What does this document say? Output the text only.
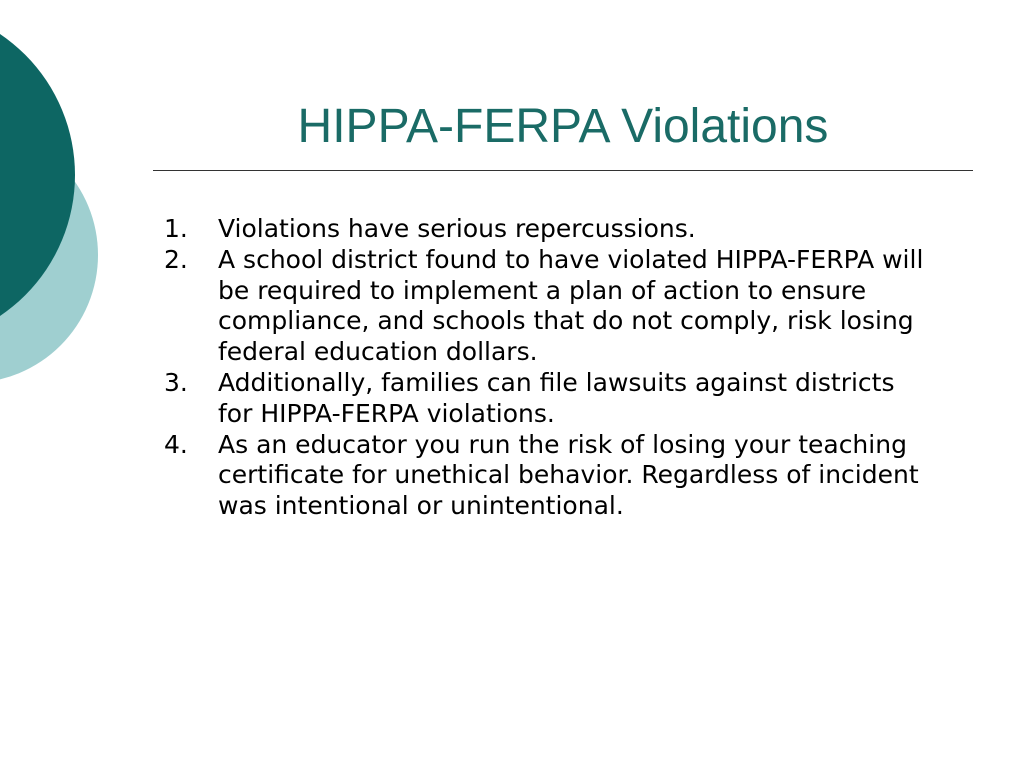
HIPPA-FERPA Violations
1. Violations have serious repercussions.
2. A school district found to have violated HIPPA-FERPA will be required to implement a plan of action to ensure compliance, and schools that do not comply, risk losing federal education dollars.
3. Additionally, families can file lawsuits against districts for HIPPA-FERPA violations.
4. As an educator you run the risk of losing your teaching certificate for unethical behavior. Regardless of incident was intentional or unintentional.
